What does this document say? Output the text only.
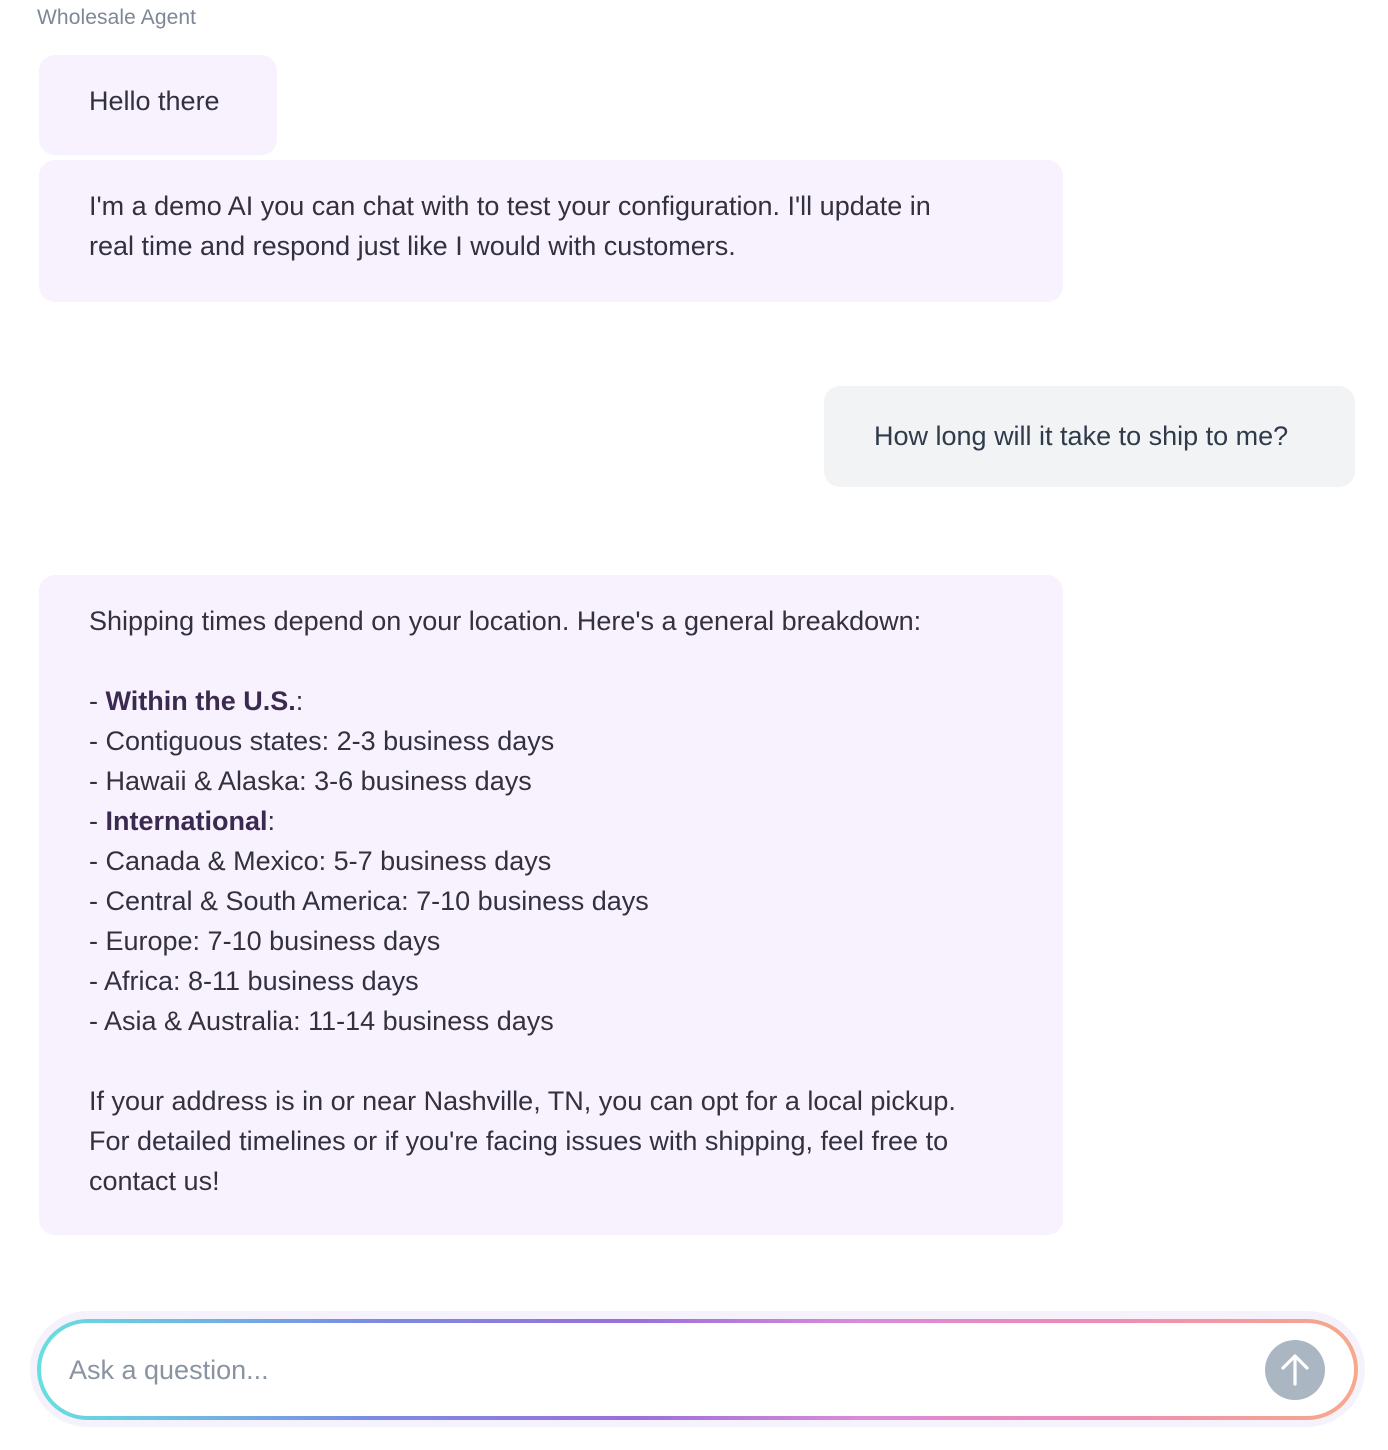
Wholesale Agent
Hello there
I'm a demo AI you can chat with to test your configuration. I'll update in
real time and respond just like I would with customers.
How long will it take to ship to me?
Shipping times depend on your location. Here's a general breakdown:
- Within the U.S.:
- Contiguous states: 2-3 business days
- Hawaii & Alaska: 3-6 business days
- International:
- Canada & Mexico: 5-7 business days
- Central & South America: 7-10 business days
- Europe: 7-10 business days
- Africa: 8-11 business days
- Asia & Australia: 11-14 business days
If your address is in or near Nashville, TN, you can opt for a local pickup.
For detailed timelines or if you're facing issues with shipping, feel free to
contact us!
Ask a question...
